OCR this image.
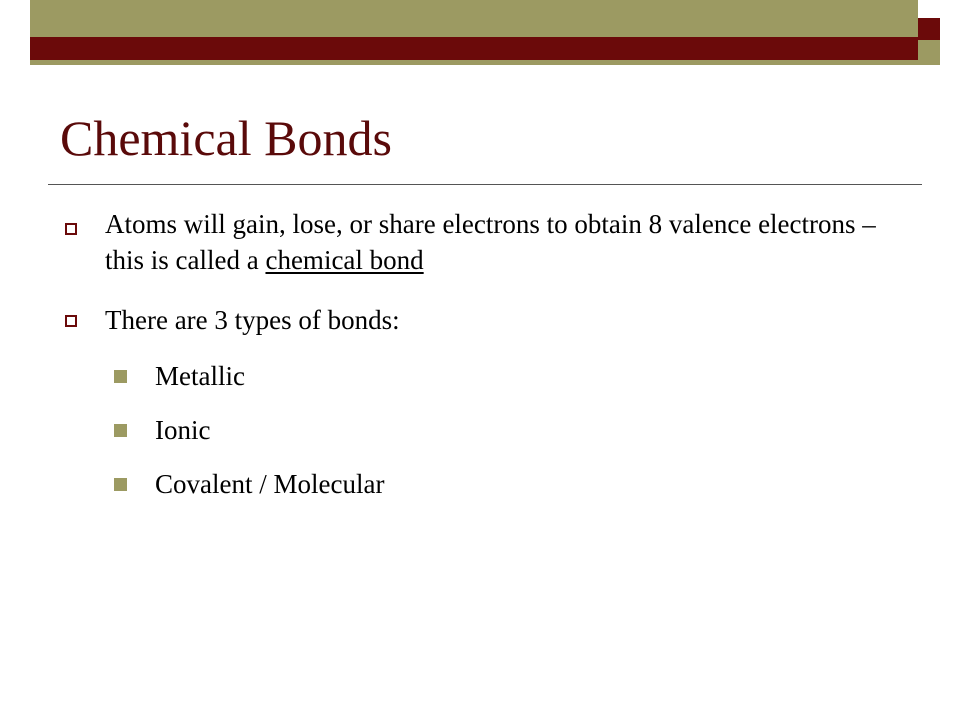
Chemical Bonds

Atoms will gain, lose, or share electrons to obtain 8 valence electrons – this is called a chemical bond

There are 3 types of bonds:

Metallic

Ionic

Covalent / Molecular
